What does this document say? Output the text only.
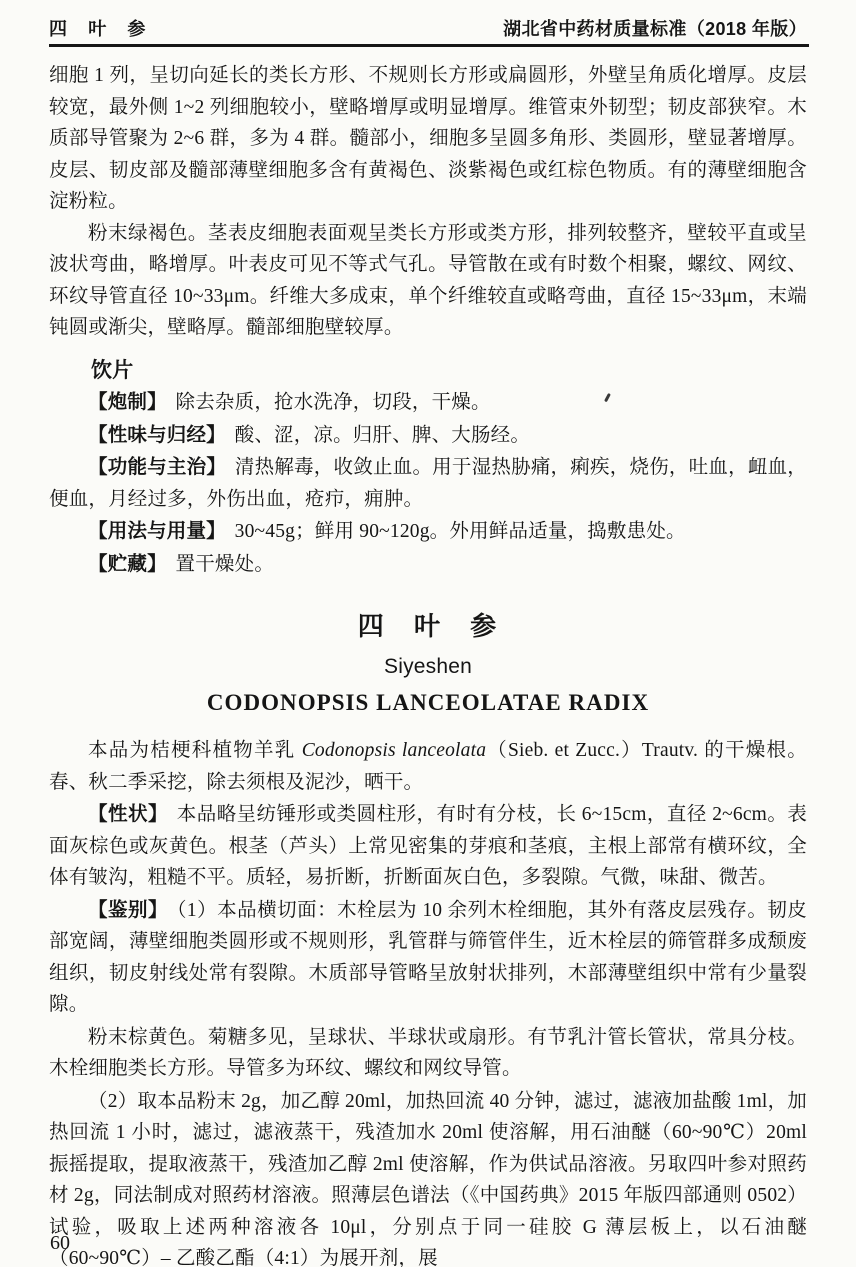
四 叶 参	湖北省中药材质量标准（2018 年版）

细胞 1 列，呈切向延长的类长方形、不规则长方形或扁圆形，外壁呈角质化增厚。皮层较宽，最外侧 1~2 列细胞较小，壁略增厚或明显增厚。维管束外韧型；韧皮部狭窄。木质部导管聚为 2~6 群，多为 4 群。髓部小，细胞多呈圆多角形、类圆形，壁显著增厚。皮层、韧皮部及髓部薄壁细胞多含有黄褐色、淡紫褐色或红棕色物质。有的薄壁细胞含淀粉粒。

粉末绿褐色。茎表皮细胞表面观呈类长方形或类方形，排列较整齐，壁较平直或呈波状弯曲，略增厚。叶表皮可见不等式气孔。导管散在或有时数个相聚，螺纹、网纹、环纹导管直径 10~33μm。纤维大多成束，单个纤维较直或略弯曲，直径 15~33μm，末端钝圆或渐尖，壁略厚。髓部细胞壁较厚。

饮片

【炮制】 除去杂质，抢水洗净，切段，干燥。

【性味与归经】 酸、涩，凉。归肝、脾、大肠经。

【功能与主治】 清热解毒，收敛止血。用于湿热胁痛，痢疾，烧伤，吐血，衄血，便血，月经过多，外伤出血，疮疖，痈肿。

【用法与用量】 30~45g；鲜用 90~120g。外用鲜品适量，捣敷患处。

【贮藏】 置干燥处。

四　叶　参
Siyeshen
CODONOPSIS LANCEOLATAE RADIX

本品为桔梗科植物羊乳 Codonopsis lanceolata（Sieb. et Zucc.）Trautv. 的干燥根。春、秋二季采挖，除去须根及泥沙，晒干。

【性状】 本品略呈纺锤形或类圆柱形，有时有分枝，长 6~15cm，直径 2~6cm。表面灰棕色或灰黄色。根茎（芦头）上常见密集的芽痕和茎痕，主根上部常有横环纹，全体有皱沟，粗糙不平。质轻，易折断，折断面灰白色，多裂隙。气微，味甜、微苦。

【鉴别】 （1）本品横切面：木栓层为 10 余列木栓细胞，其外有落皮层残存。韧皮部宽阔，薄壁细胞类圆形或不规则形，乳管群与筛管伴生，近木栓层的筛管群多成颓废组织，韧皮射线处常有裂隙。木质部导管略呈放射状排列，木部薄壁组织中常有少量裂隙。

粉末棕黄色。菊糖多见，呈球状、半球状或扇形。有节乳汁管长管状，常具分枝。木栓细胞类长方形。导管多为环纹、螺纹和网纹导管。

（2）取本品粉末 2g，加乙醇 20ml，加热回流 40 分钟，滤过，滤液加盐酸 1ml，加热回流 1 小时，滤过，滤液蒸干，残渣加水 20ml 使溶解，用石油醚（60~90℃）20ml 振摇提取，提取液蒸干，残渣加乙醇 2ml 使溶解，作为供试品溶液。另取四叶参对照药材 2g，同法制成对照药材溶液。照薄层色谱法（《中国药典》2015 年版四部通则 0502）试验，吸取上述两种溶液各 10μl，分别点于同一硅胶 G 薄层板上，以石油醚（60~90℃）– 乙酸乙酯（4:1）为展开剂，展

60
